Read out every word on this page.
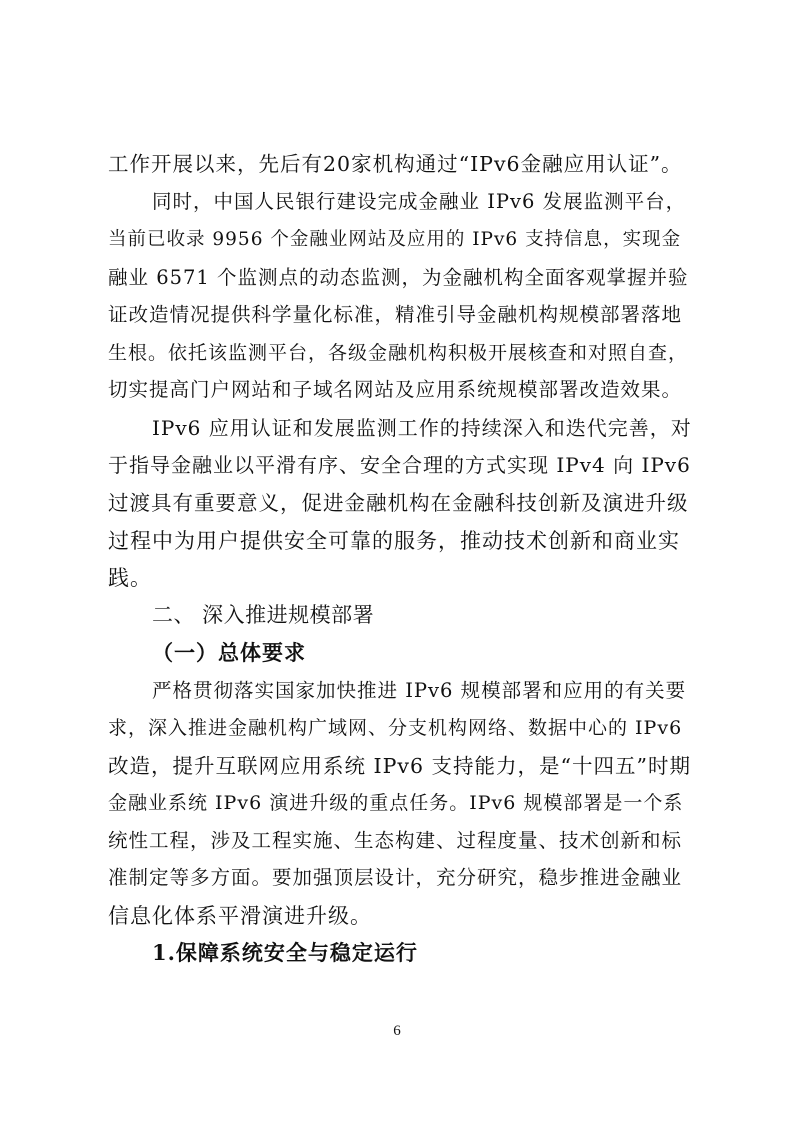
工作开展以来，先后有20家机构通过“IPv6金融应用认证”。
同时，中国人民银行建设完成金融业 IPv6 发展监测平台，
当前已收录 9956 个金融业网站及应用的 IPv6 支持信息，实现金
融业 6571 个监测点的动态监测，为金融机构全面客观掌握并验
证改造情况提供科学量化标准，精准引导金融机构规模部署落地
生根。依托该监测平台，各级金融机构积极开展核查和对照自查，
切实提高门户网站和子域名网站及应用系统规模部署改造效果。
IPv6 应用认证和发展监测工作的持续深入和迭代完善，对
于指导金融业以平滑有序、安全合理的方式实现 IPv4 向 IPv6
过渡具有重要意义，促进金融机构在金融科技创新及演进升级
过程中为用户提供安全可靠的服务，推动技术创新和商业实
践。
二、 深入推进规模部署
（一）总体要求
严格贯彻落实国家加快推进 IPv6 规模部署和应用的有关要
求，深入推进金融机构广域网、分支机构网络、数据中心的 IPv6
改造，提升互联网应用系统 IPv6 支持能力，是“十四五”时期
金融业系统 IPv6 演进升级的重点任务。IPv6 规模部署是一个系
统性工程，涉及工程实施、生态构建、过程度量、技术创新和标
准制定等多方面。要加强顶层设计，充分研究，稳步推进金融业
信息化体系平滑演进升级。
1.保障系统安全与稳定运行
6
